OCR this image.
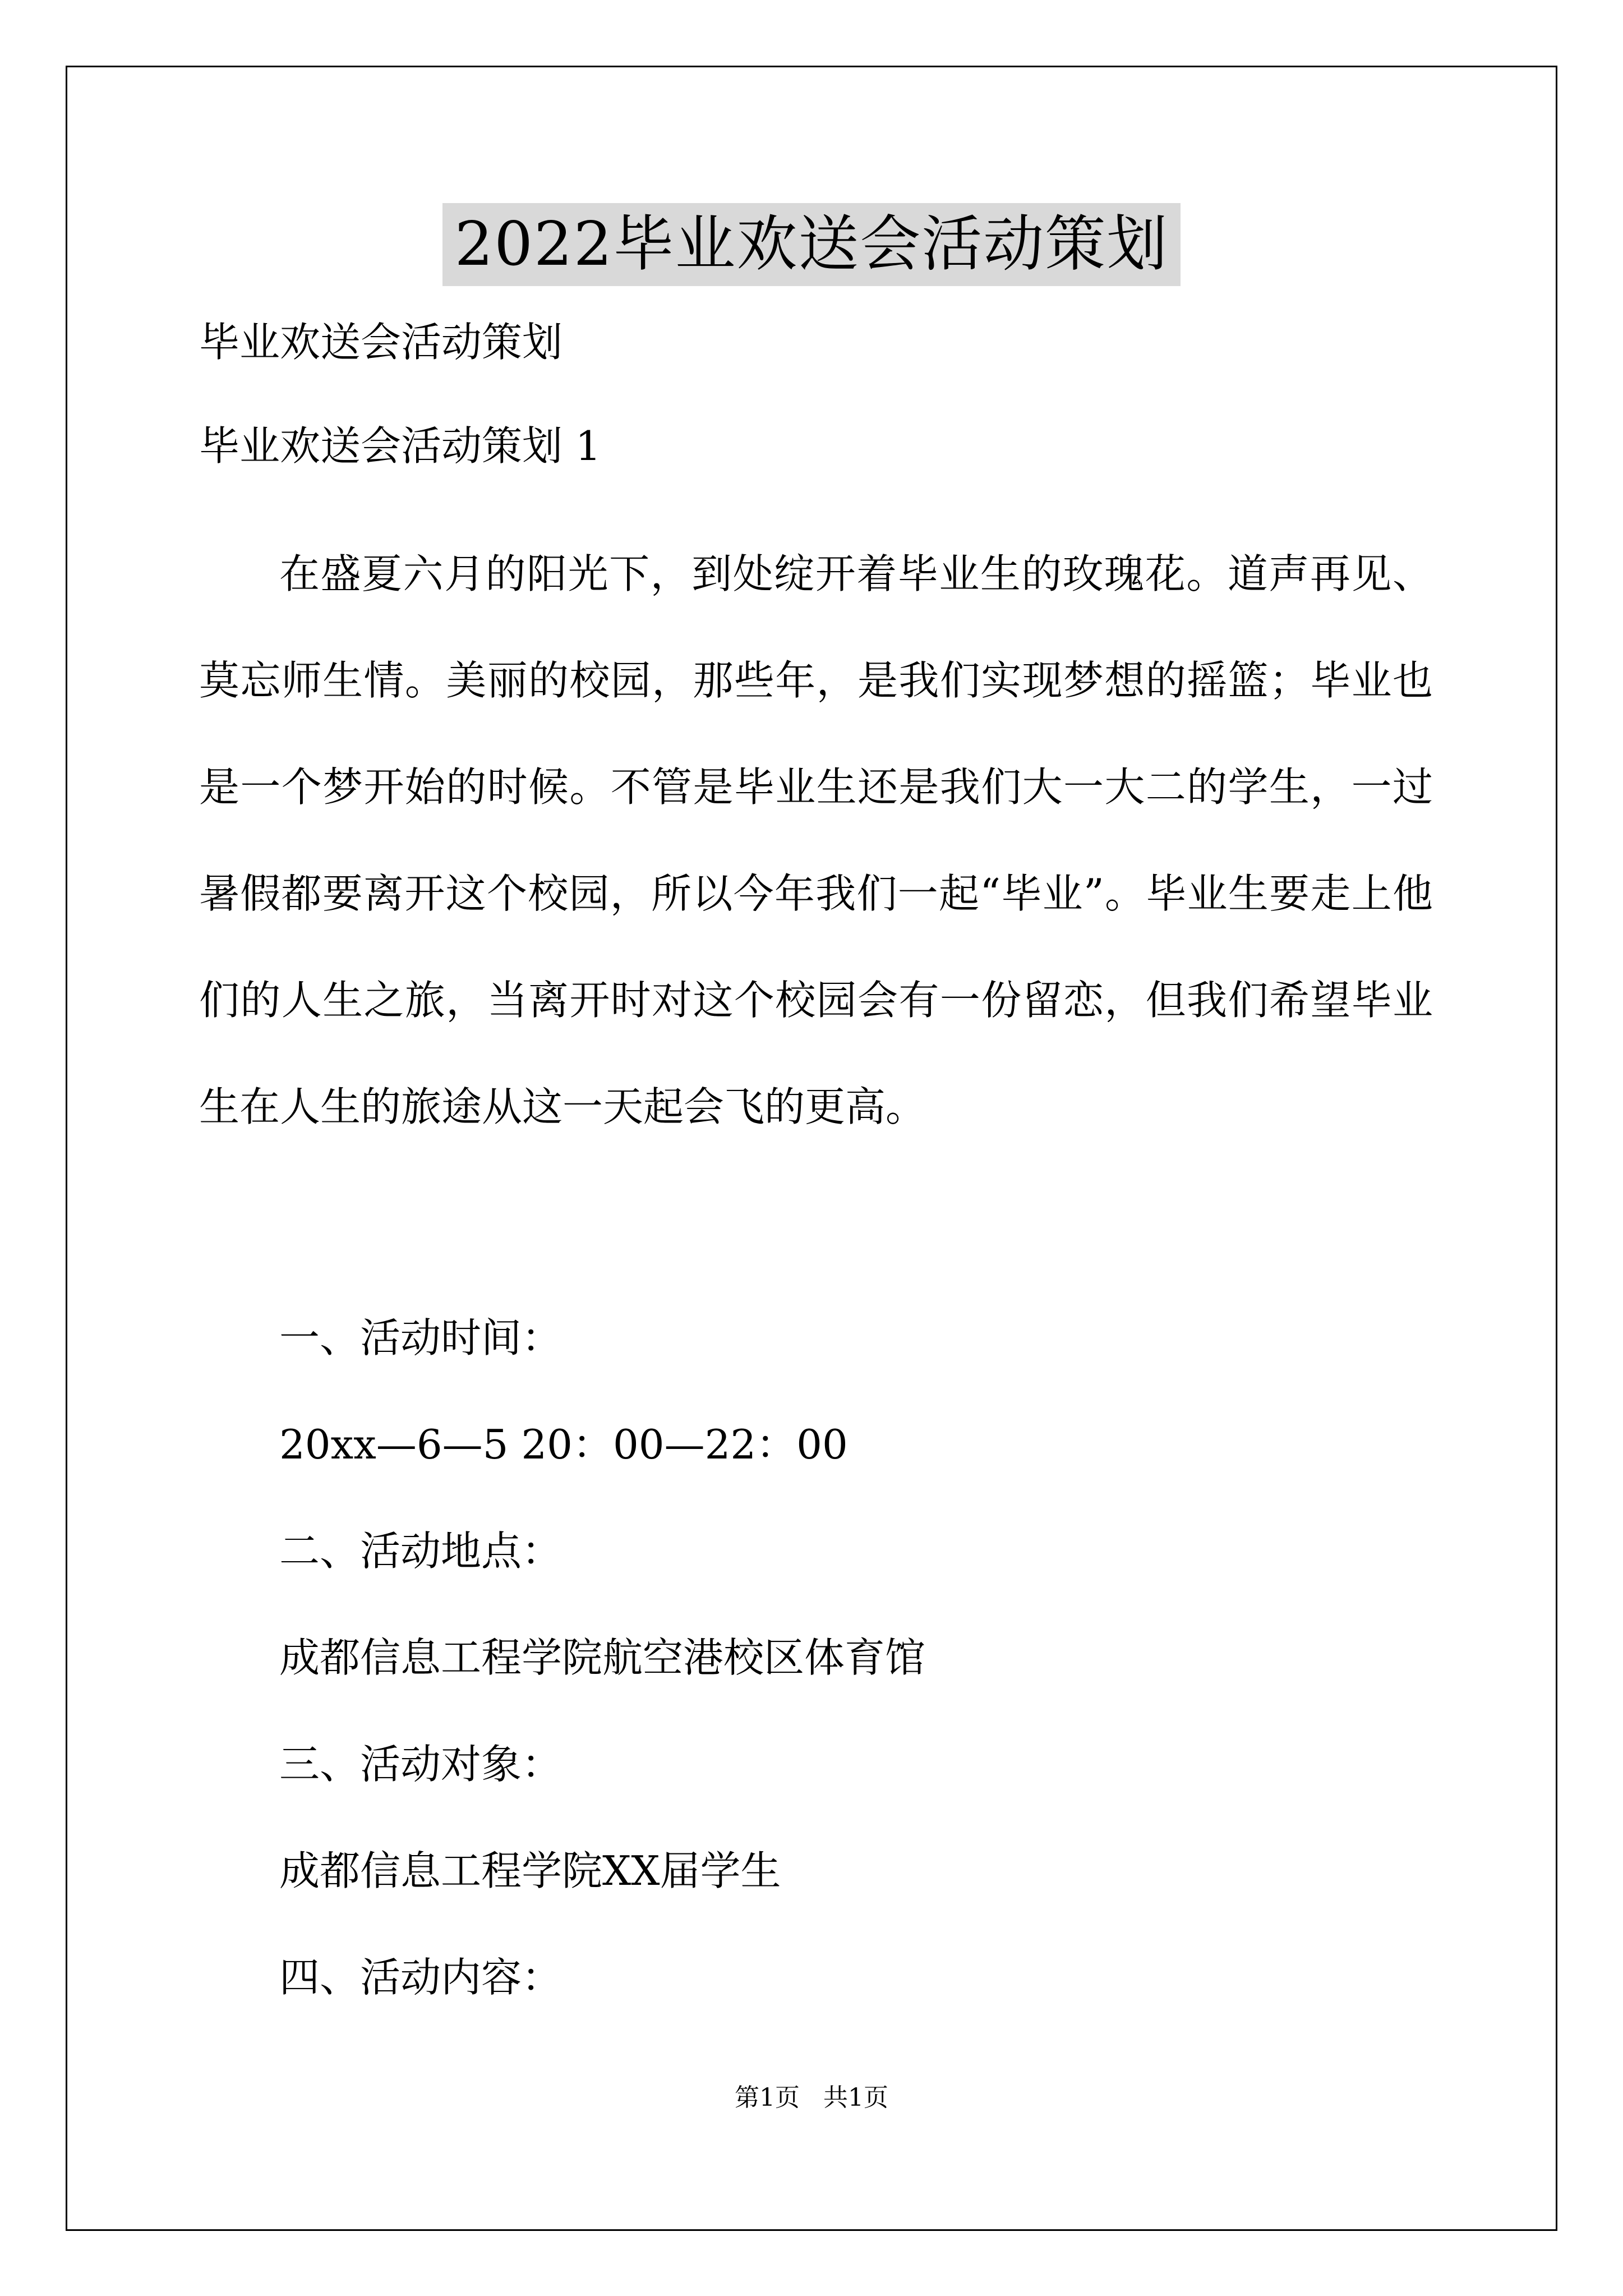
2022毕业欢送会活动策划
毕业欢送会活动策划
毕业欢送会活动策划 1
在盛夏六月的阳光下，到处绽开着毕业生的玫瑰花。道声再见、莫忘师生情。美丽的校园，那些年，是我们实现梦想的摇篮；毕业也是一个梦开始的时候。不管是毕业生还是我们大一大二的学生，一过暑假都要离开这个校园，所以今年我们一起“毕业”。毕业生要走上他们的人生之旅，当离开时对这个校园会有一份留恋，但我们希望毕业生在人生的旅途从这一天起会飞的更高。
一、活动时间：
20xx—6—5 20：00—22：00
二、活动地点：
成都信息工程学院航空港校区体育馆
三、活动对象：
成都信息工程学院XX届学生
四、活动内容：
第1页   共1页
